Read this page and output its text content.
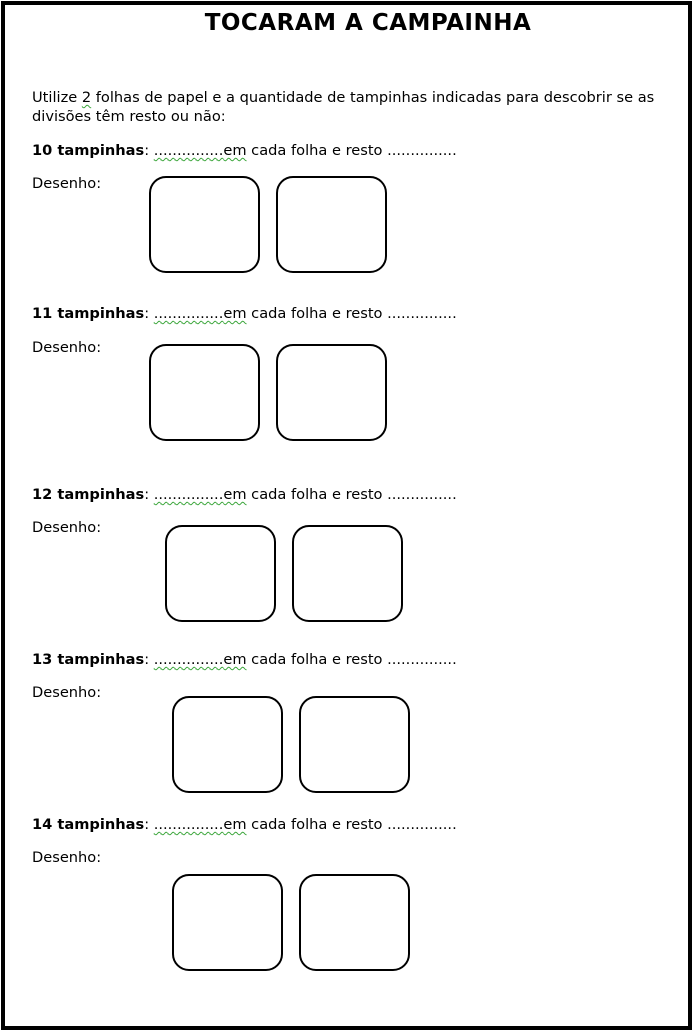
TOCARAM A CAMPAINHA
Utilize 2 folhas de papel e a quantidade de tampinhas indicadas para descobrir se as divisões têm resto ou não:
10 tampinhas: ...............em cada folha e resto ...............
Desenho:
11 tampinhas: ...............em cada folha e resto ...............
Desenho:
12 tampinhas: ...............em cada folha e resto ...............
Desenho:
13 tampinhas: ...............em cada folha e resto ...............
Desenho:
14 tampinhas: ...............em cada folha e resto ...............
Desenho:
